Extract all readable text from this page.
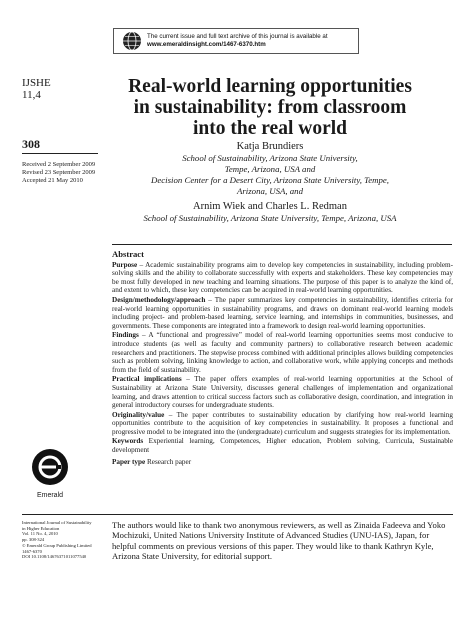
The current issue and full text archive of this journal is available at
www.emeraldinsight.com/1467-6370.htm
IJSHE
11,4
308
Received 2 September 2009
Revised 23 September 2009
Accepted 21 May 2010
Real-world learning opportunities
in sustainability: from classroom
into the real world
Katja Brundiers
School of Sustainability, Arizona State University,
Tempe, Arizona, USA and
Decision Center for a Desert City, Arizona State University, Tempe,
Arizona, USA, and
Arnim Wiek and Charles L. Redman
School of Sustainability, Arizona State University, Tempe, Arizona, USA
Abstract

Purpose – Academic sustainability programs aim to develop key competencies in sustainability, including problem-solving skills and the ability to collaborate successfully with experts and stakeholders. These key competencies may be most fully developed in new teaching and learning situations. The purpose of this paper is to analyze the kind of, and extent to which, these key competencies can be acquired in real-world learning opportunities.

Design/methodology/approach – The paper summarizes key competencies in sustainability, identifies criteria for real-world learning opportunities in sustainability programs, and draws on dominant real-world learning models including project- and problem-based learning, service learning, and internships in communities, businesses, and governments. These components are integrated into a framework to design real-world learning opportunities.

Findings – A “functional and progressive” model of real-world learning opportunities seems most conducive to introduce students (as well as faculty and community partners) to collaborative research between academic researchers and practitioners. The stepwise process combined with additional principles allows building competencies such as problem solving, linking knowledge to action, and collaborative work, while applying concepts and methods from the field of sustainability.

Practical implications – The paper offers examples of real-world learning opportunities at the School of Sustainability at Arizona State University, discusses general challenges of implementation and organizational learning, and draws attention to critical success factors such as collaborative design, coordination, and integration in general introductory courses for undergraduate students.

Originality/value – The paper contributes to sustainability education by clarifying how real-world learning opportunities contribute to the acquisition of key competencies in sustainability. It proposes a functional and progressive model to be integrated into the (undergraduate) curriculum and suggests strategies for its implementation.

Keywords Experiential learning, Competences, Higher education, Problem solving, Curricula, Sustainable development

Paper type Research paper

Emerald
International Journal of Sustainability
in Higher Education
Vol. 11 No. 4, 2010
pp. 308-324
© Emerald Group Publishing Limited
1467-6370
DOI 10.1108/14676371011077540
The authors would like to thank two anonymous reviewers, as well as Zinaida Fadeeva and Yoko Mochizuki, United Nations University Institute of Advanced Studies (UNU-IAS), Japan, for helpful comments on previous versions of this paper. They would like to thank Kathryn Kyle, Arizona State University, for editorial support.
